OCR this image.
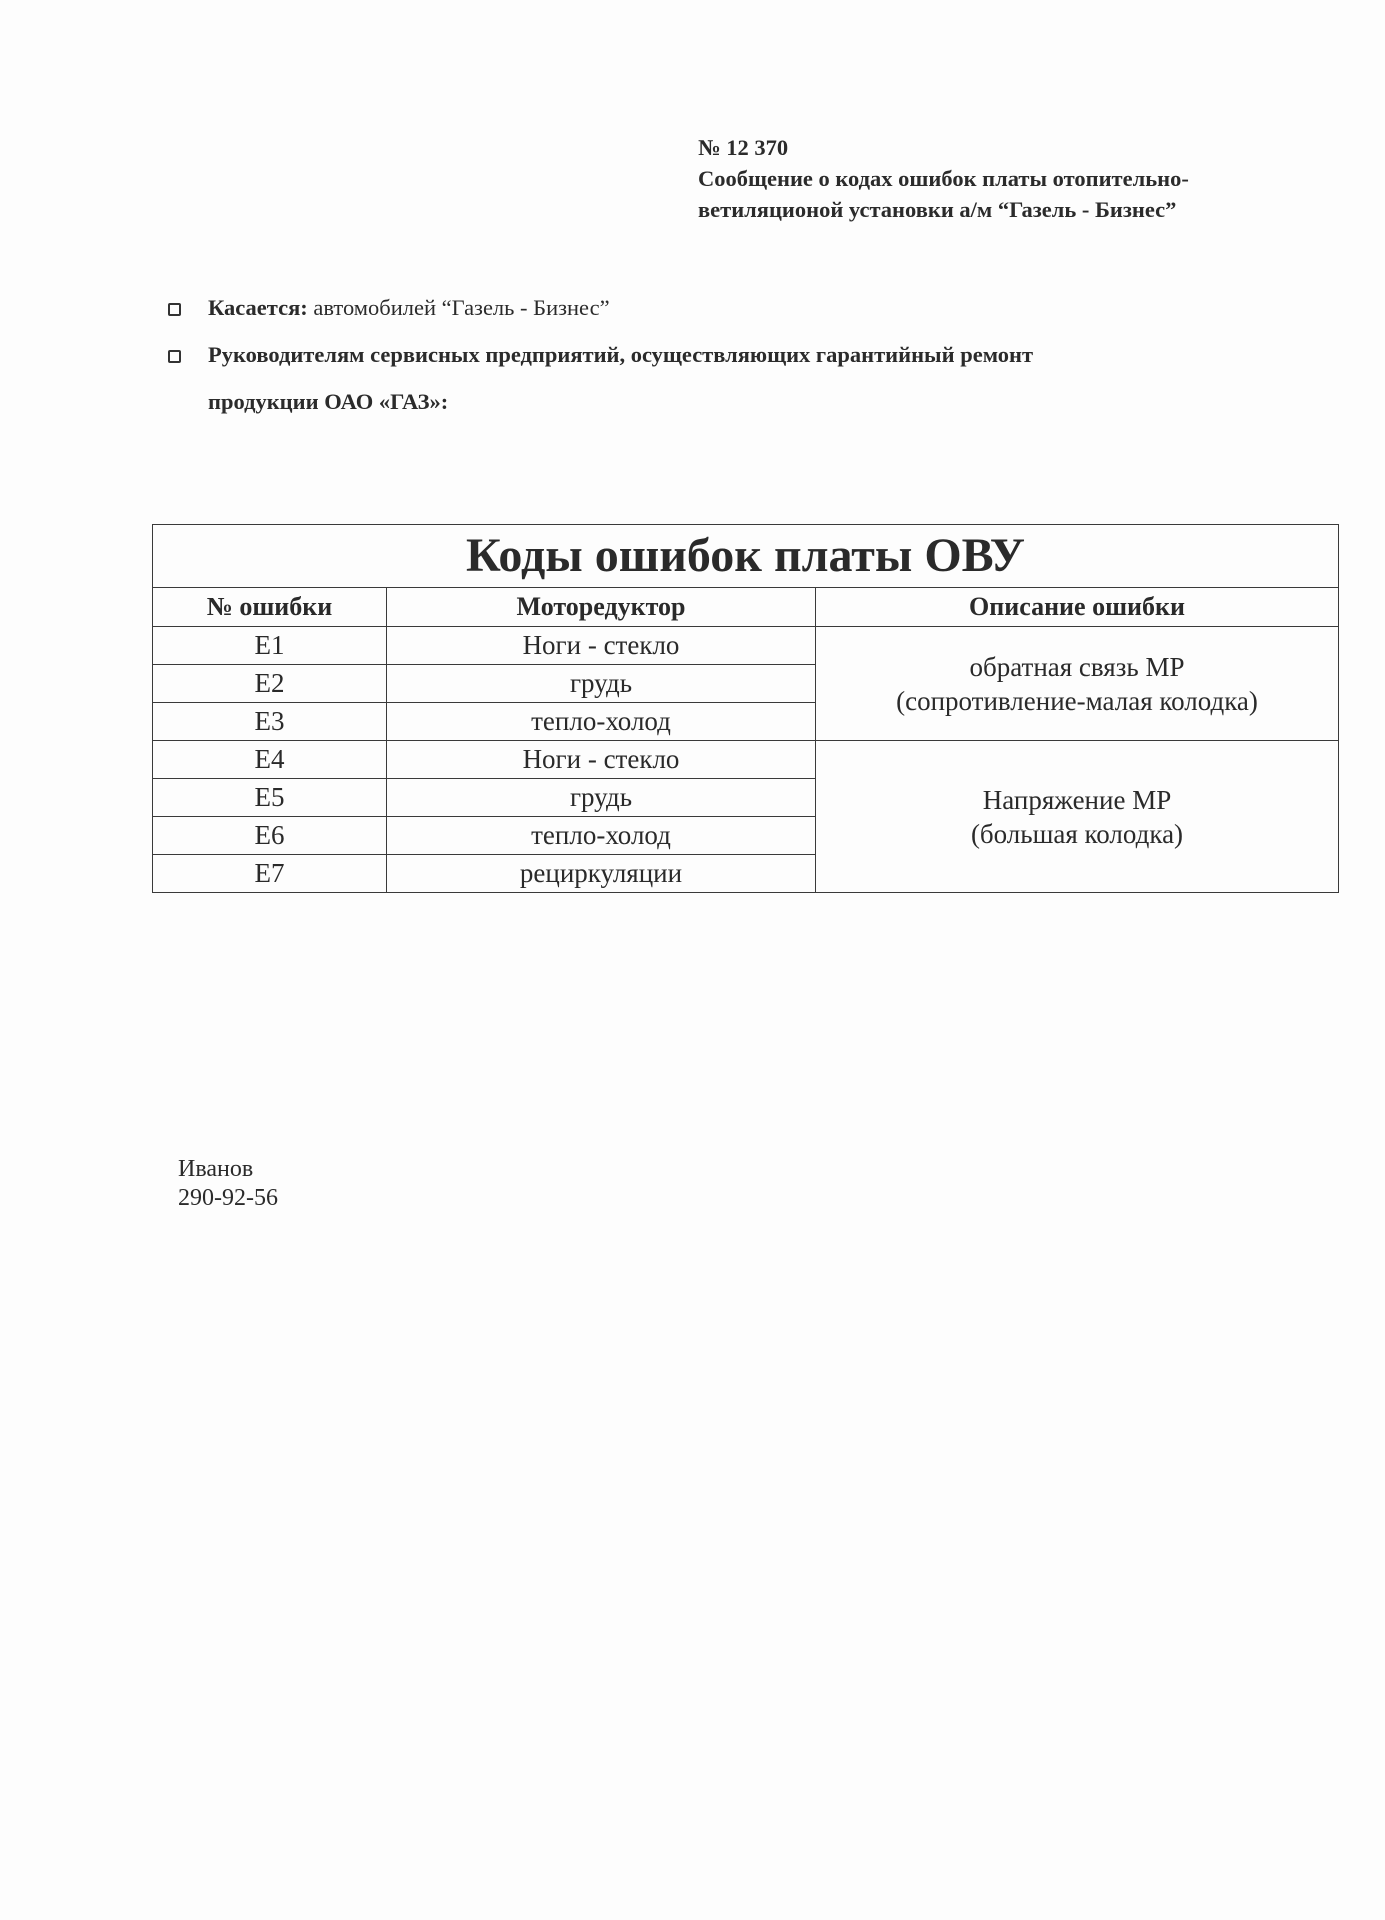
№ 12 370
Сообщение о кодах ошибок платы отопительно-
ветиляционой установки а/м “Газель - Бизнес”
Касается: автомобилей “Газель - Бизнес”
Руководителям сервисных предприятий, осуществляющих гарантийный ремонт
продукции ОАО «ГАЗ»:
Коды ошибок платы ОВУ		
№ ошибки	Моторедуктор	Описание ошибки
E1	Ноги - стекло	обратная связь МР
(сопротивление-малая колодка)

E2	грудь	
E3	тепло-холод	
E4	Ноги - стекло	Напряжение МР
(большая колодка)

E5	грудь	
E6	тепло-холод	
E7	рециркуляции	
Иванов
290-92-56
